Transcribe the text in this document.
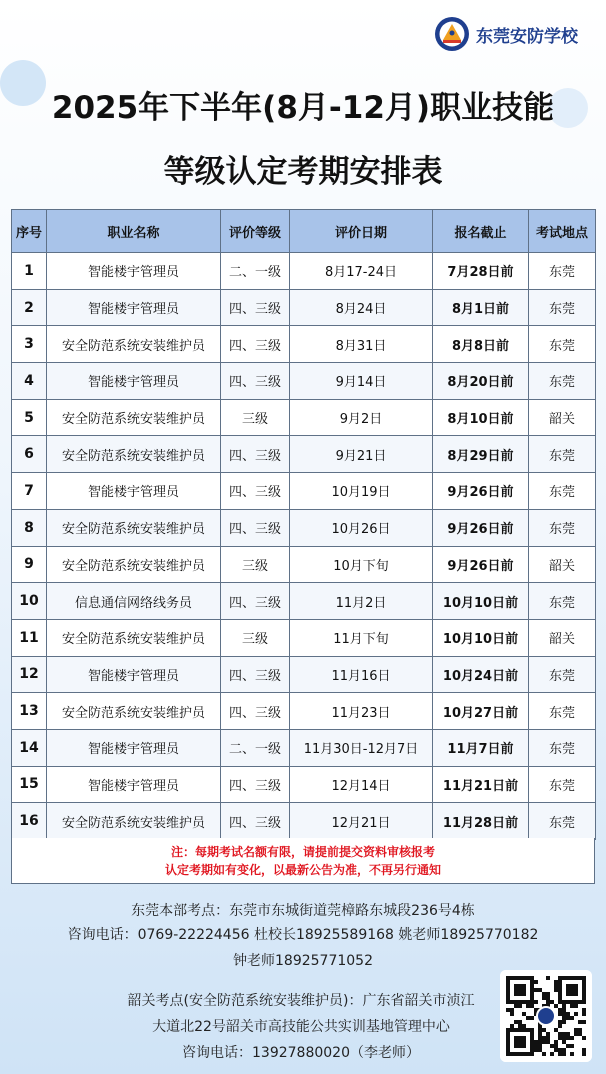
东莞安防学校
2025年下半年(8月-12月)职业技能
等级认定考期安排表
序号	职业名称	评价等级	评价日期	报名截止	考试地点
1	智能楼宇管理员	二、一级	8月17-24日	7月28日前	东莞
2	智能楼宇管理员	四、三级	8月24日	8月1日前	东莞
3	安全防范系统安装维护员	四、三级	8月31日	8月8日前	东莞
4	智能楼宇管理员	四、三级	9月14日	8月20日前	东莞
5	安全防范系统安装维护员	三级	9月2日	8月10日前	韶关
6	安全防范系统安装维护员	四、三级	9月21日	8月29日前	东莞
7	智能楼宇管理员	四、三级	10月19日	9月26日前	东莞
8	安全防范系统安装维护员	四、三级	10月26日	9月26日前	东莞
9	安全防范系统安装维护员	三级	10月下旬	9月26日前	韶关
10	信息通信网络线务员	四、三级	11月2日	10月10日前	东莞
11	安全防范系统安装维护员	三级	11月下旬	10月10日前	韶关
12	智能楼宇管理员	四、三级	11月16日	10月24日前	东莞
13	安全防范系统安装维护员	四、三级	11月23日	10月27日前	东莞
14	智能楼宇管理员	二、一级	11月30日-12月7日	11月7日前	东莞
15	智能楼宇管理员	四、三级	12月14日	11月21日前	东莞
16	安全防范系统安装维护员	四、三级	12月21日	11月28日前	东莞
注：每期考试名额有限，请提前提交资料审核报考
认定考期如有变化，以最新公告为准，不再另行通知
东莞本部考点：东莞市东城街道莞樟路东城段236号4栋
咨询电话：0769-22224456 杜校长18925589168 姚老师18925770182
钟老师18925771052
韶关考点(安全防范系统安装维护员)：广东省韶关市浈江
大道北22号韶关市高技能公共实训基地管理中心
咨询电话：13927880020（李老师）
